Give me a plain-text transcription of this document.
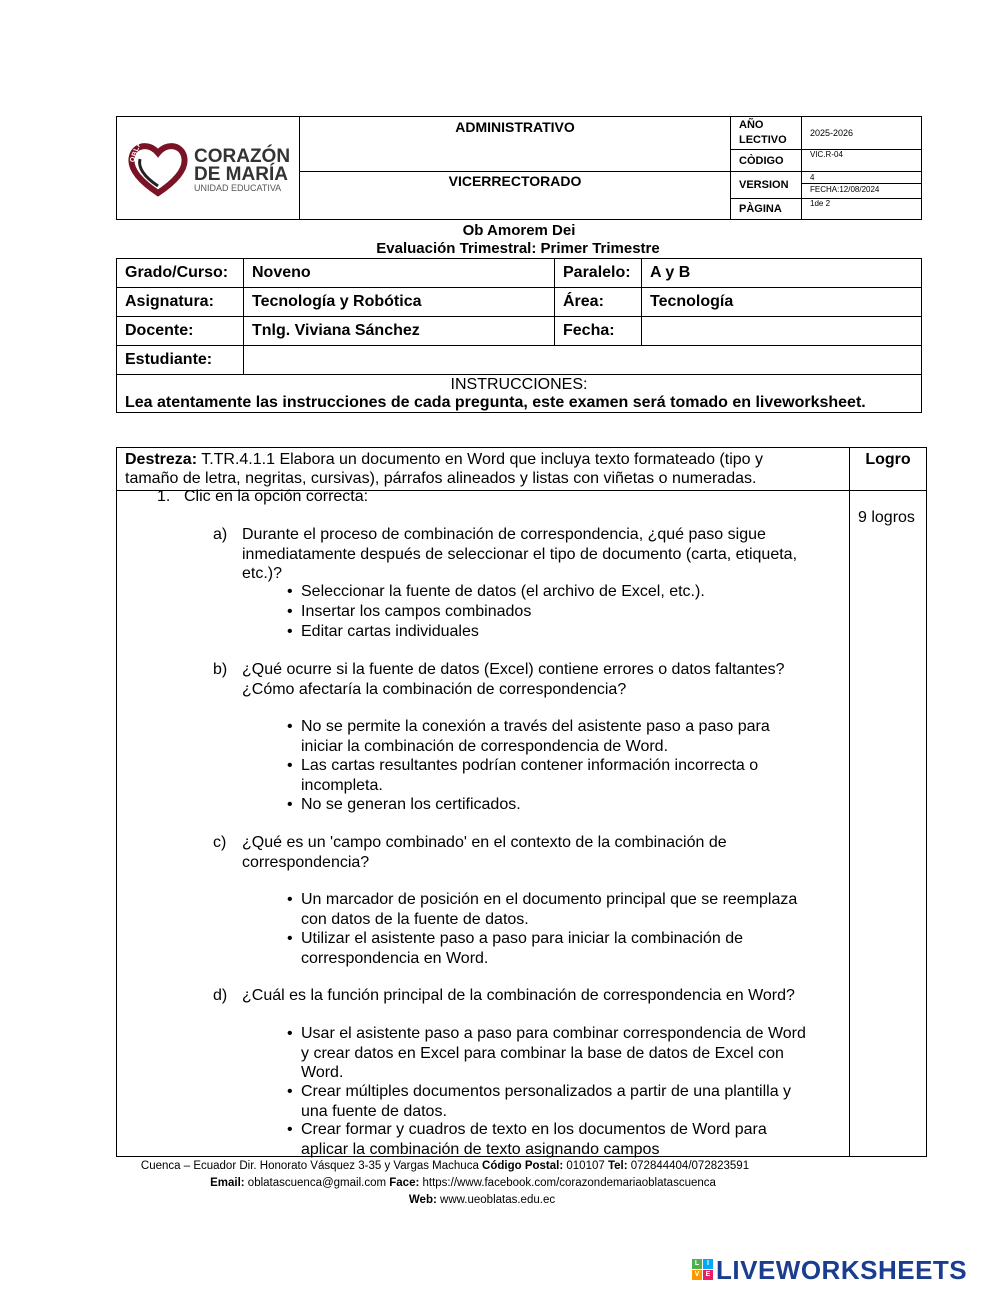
OBLATAS CORAZÓN
DE MARÍA
UNIDAD EDUCATIVA	ADMINISTRATIVO	AÑO LECTIVO	2025-2026
		CÒDIGO	VIC.R-04

	VICERRECTORADO	VERSION	4
FECHA:12/08/2024

		PÀGINA	1de 2
Ob Amorem Dei
Evaluación Trimestral: Primer Trimestre
Grado/Curso:	Noveno	Paralelo:	A y B
Asignatura:	Tecnología y Robótica	Área:	Tecnología
Docente:	Tnlg. Viviana Sánchez	Fecha:	
Estudiante:			

INSTRUCCIONES:
Lea atentamente las instrucciones de cada pregunta, este examen será tomado en liveworksheet.			
Destreza: T.TR.4.1.1 Elabora un documento en Word que incluya texto formateado (tipo y
tamaño de letra, negritas, cursivas), párrafos alineados y listas con viñetas o numeradas.	Logro
	9 logros
1. Clic en la opción correcta:
a) Durante el proceso de combinación de correspondencia, ¿qué paso sigue
inmediatamente después de seleccionar el tipo de documento (carta, etiqueta,
etc.)?
• Seleccionar la fuente de datos (el archivo de Excel, etc.).
• Insertar los campos combinados
• Editar cartas individuales
b) ¿Qué ocurre si la fuente de datos (Excel) contiene errores o datos faltantes?
¿Cómo afectaría la combinación de correspondencia?
• No se permite la conexión a través del asistente paso a paso para
iniciar la combinación de correspondencia de Word.
• Las cartas resultantes podrían contener información incorrecta o
incompleta.
• No se generan los certificados.
c) ¿Qué es un 'campo combinado' en el contexto de la combinación de
correspondencia?
• Un marcador de posición en el documento principal que se reemplaza
con datos de la fuente de datos.
• Utilizar el asistente paso a paso para iniciar la combinación de
correspondencia en Word.
d) ¿Cuál es la función principal de la combinación de correspondencia en Word?
• Usar el asistente paso a paso para combinar correspondencia de Word
y crear datos en Excel para combinar la base de datos de Excel con
Word.
• Crear múltiples documentos personalizados a partir de una plantilla y
una fuente de datos.
• Crear formar y cuadros de texto en los documentos de Word para
aplicar la combinación de texto asignando campos
Cuenca – Ecuador Dir. Honorato Vásquez 3-35 y Vargas Machuca Código Postal: 010107 Tel: 072844404/072823591
Email: oblatascuenca@gmail.com Face: https://www.facebook.com/corazondemariaoblatascuenca
Web: www.ueoblatas.edu.ec
L	I
V E LIVEWORKSHEETS
